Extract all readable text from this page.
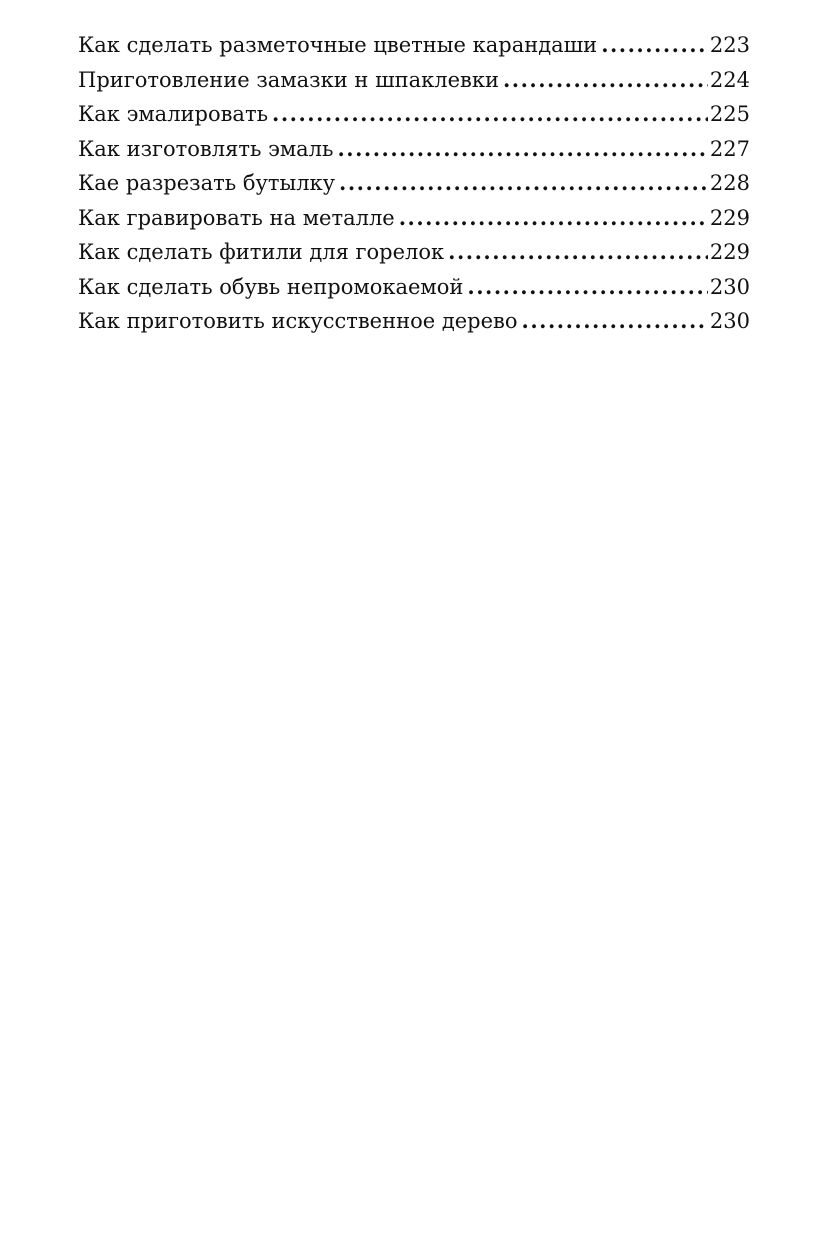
Как сделать разметочные цветные карандаши .....	223
Приготовление замазки н шпаклевки .....	224
Как эмалировать .....	225
Как изготовлять эмаль .....	227
Кае разрезать бутылку .....	228
Как гравировать на металле .....	229
Как сделать фитили для горелок .....	229
Как сделать обувь непромокаемой .....	230
Как приготовить искусственное дерево .....	230
